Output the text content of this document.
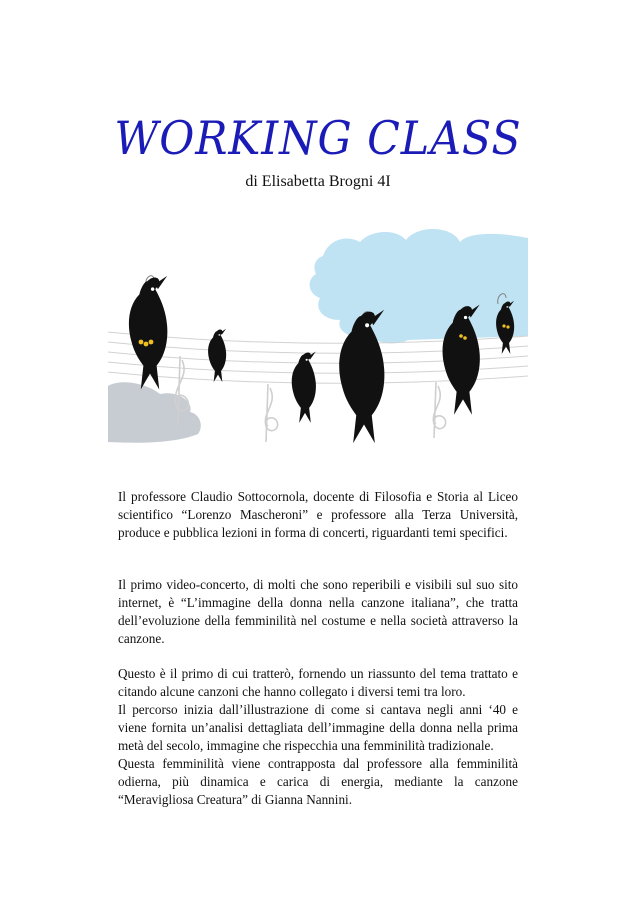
WORKING CLASS
di Elisabetta Brogni 4I

Il professore Claudio Sottocornola, docente di Filosofia e Storia al Liceo scientifico “Lorenzo Mascheroni” e professore alla Terza Università, produce e pubblica lezioni in forma di concerti, riguardanti temi specifici.

Il primo video-concerto, di molti che sono reperibili e visibili sul suo sito internet, è “L’immagine della donna nella canzone italiana”, che tratta dell’evoluzione della femminilità nel costume e nella società attraverso la canzone.

Questo è il primo di cui tratterò, fornendo un riassunto del tema trattato e citando alcune canzoni che hanno collegato i diversi temi tra loro.
Il percorso inizia dall’illustrazione di come si cantava negli anni ‘40 e viene fornita un’analisi dettagliata dell’immagine della donna nella prima metà del secolo, immagine che rispecchia una femminilità tradizionale.
Questa femminilità viene contrapposta dal professore alla femminilità odierna, più dinamica e carica di energia, mediante la canzone “Meravigliosa Creatura” di Gianna Nannini.
